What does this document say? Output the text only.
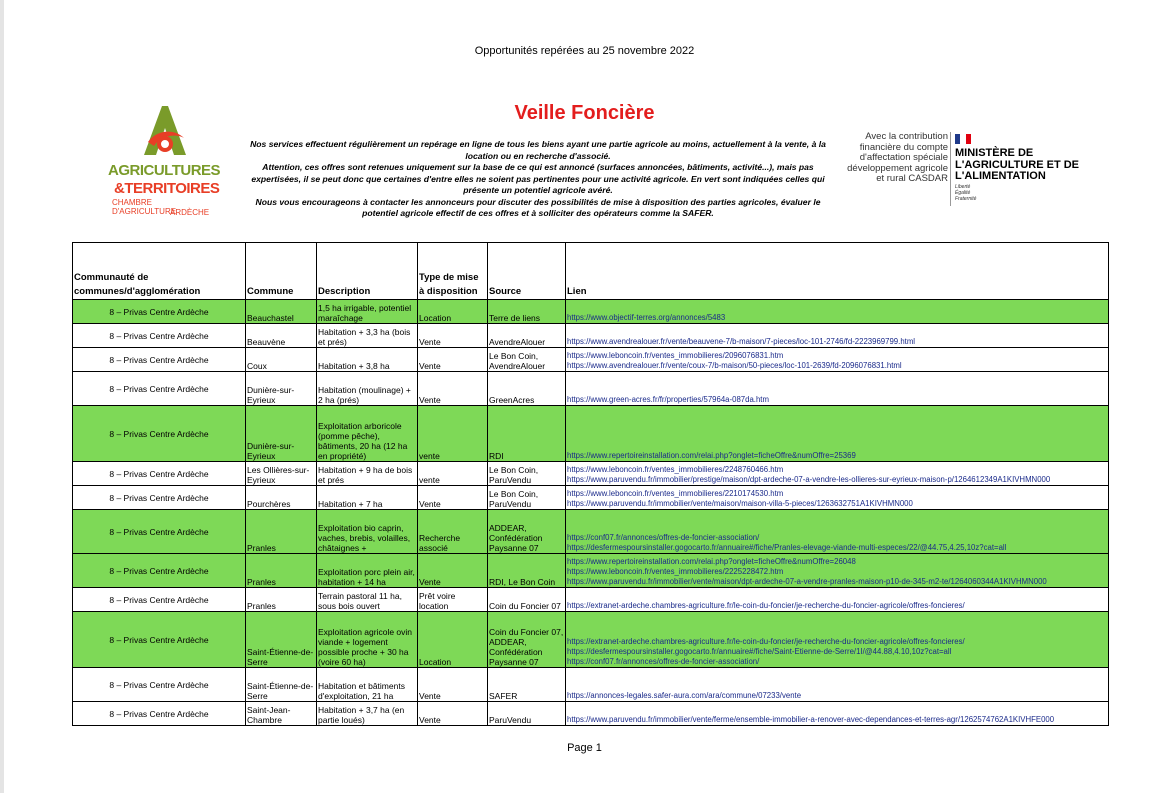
Opportunités repérées au 25 novembre 2022
AGRICULTURES
&TERRITOIRES
CHAMBRE D'AGRICULTURE
ARDÈCHE
Veille Foncière

Nos services effectuent régulièrement un repérage en ligne de tous les biens ayant une partie agricole au moins, actuellement à la vente, à la location ou en recherche d'associé.

Attention, ces offres sont retenues uniquement sur la base de ce qui est annoncé (surfaces annoncées, bâtiments, activité...), mais pas expertisées, il se peut donc que certaines d'entre elles ne soient pas pertinentes pour une activité agricole. En vert sont indiquées celles qui présente un potentiel agricole avéré.

Nous vous encourageons à contacter les annonceurs pour discuter des possibilités de mise à disposition des parties agricoles, évaluer le potentiel agricole effectif de ces offres et à solliciter des opérateurs comme la SAFER.

Avec la contribution financière du compte d'affectation spéciale développement agricole et rural CASDAR
MINISTÈRE DE L'AGRICULTURE ET DE L'ALIMENTATION
Liberté Égalité Fraternité
Communauté de communes/d'agglomération	Commune	Description	Type de mise à disposition	Source	Lien
8 – Privas Centre Ardèche	Beauchastel	1,5 ha irrigable, potentiel maraîchage	Location	Terre de liens	https://www.objectif-terres.org/annonces/5483

8 – Privas Centre Ardèche	Beauvène	Habitation + 3,3 ha (bois et prés)	Vente	AvendreAlouer	https://www.avendrealouer.fr/vente/beauvene-7/b-maison/7-pieces/loc-101-2746/fd-2223969799.html

8 – Privas Centre Ardèche	Coux	Habitation + 3,8 ha	Vente	Le Bon Coin, AvendreAlouer	https://www.leboncoin.fr/ventes_immobilieres/2096076831.htm
https://www.avendrealouer.fr/vente/coux-7/b-maison/50-pieces/loc-101-2639/fd-2096076831.html

8 – Privas Centre Ardèche	Dunière-sur-Eyrieux	Habitation (moulinage) + 2 ha (prés)	Vente	GreenAcres	https://www.green-acres.fr/fr/properties/57964a-087da.htm

8 – Privas Centre Ardèche	Dunière-sur-Eyrieux	Exploitation arboricole (pomme pêche), bâtiments, 20 ha (12 ha en propriété)	vente	RDI	https://www.repertoireinstallation.com/relai.php?onglet=ficheOffre&numOffre=25369

8 – Privas Centre Ardèche	Les Ollières-sur-Eyrieux	Habitation + 9 ha de bois et prés	vente	Le Bon Coin, ParuVendu	https://www.leboncoin.fr/ventes_immobilieres/2248760466.htm
https://www.paruvendu.fr/immobilier/prestige/maison/dpt-ardeche-07-a-vendre-les-ollieres-sur-eyrieux-maison-p/1264612349A1KIVHMN000

8 – Privas Centre Ardèche	Pourchères	Habitation + 7 ha	Vente	Le Bon Coin, ParuVendu	https://www.leboncoin.fr/ventes_immobilieres/2210174530.htm
https://www.paruvendu.fr/immobilier/vente/maison/maison-villa-5-pieces/1263632751A1KIVHMN000

8 – Privas Centre Ardèche	Pranles	Exploitation bio caprin, vaches, brebis, volailles, châtaignes +	Recherche associé	ADDEAR, Confédération Paysanne 07	https://conf07.fr/annonces/offres-de-foncier-association/
https://desfermespoursinstaller.gogocarto.fr/annuaire#/fiche/Pranles-elevage-viande-multi-especes/22/@44.75,4.25,10z?cat=all

8 – Privas Centre Ardèche	Pranles	Exploitation porc plein air, habitation + 14 ha	Vente	RDI, Le Bon Coin	https://www.repertoireinstallation.com/relai.php?onglet=ficheOffre&numOffre=26048
https://www.leboncoin.fr/ventes_immobilieres/2225228472.htm
https://www.paruvendu.fr/immobilier/vente/maison/dpt-ardeche-07-a-vendre-pranles-maison-p10-de-345-m2-te/1264060344A1KIVHMN000

8 – Privas Centre Ardèche	Pranles	Terrain pastoral 11 ha, sous bois ouvert	Prêt voire location	Coin du Foncier 07	https://extranet-ardeche.chambres-agriculture.fr/le-coin-du-foncier/je-recherche-du-foncier-agricole/offres-foncieres/

8 – Privas Centre Ardèche	Saint-Étienne-de-Serre	Exploitation agricole ovin viande + logement possible proche + 30 ha (voire 60 ha)	Location	Coin du Foncier 07, ADDEAR, Confédération Paysanne 07	https://extranet-ardeche.chambres-agriculture.fr/le-coin-du-foncier/je-recherche-du-foncier-agricole/offres-foncieres/
https://desfermespoursinstaller.gogocarto.fr/annuaire#/fiche/Saint-Etienne-de-Serre/1I/@44.88,4.10,10z?cat=all
https://conf07.fr/annonces/offres-de-foncier-association/

8 – Privas Centre Ardèche	Saint-Étienne-de-Serre	Habitation et bâtiments d'exploitation, 21 ha	Vente	SAFER	https://annonces-legales.safer-aura.com/ara/commune/07233/vente

8 – Privas Centre Ardèche	Saint-Jean-Chambre	Habitation + 3,7 ha (en partie loués)	Vente	ParuVendu	https://www.paruvendu.fr/immobilier/vente/ferme/ensemble-immobilier-a-renover-avec-dependances-et-terres-agr/1262574762A1KIVHFE000
Page 1
